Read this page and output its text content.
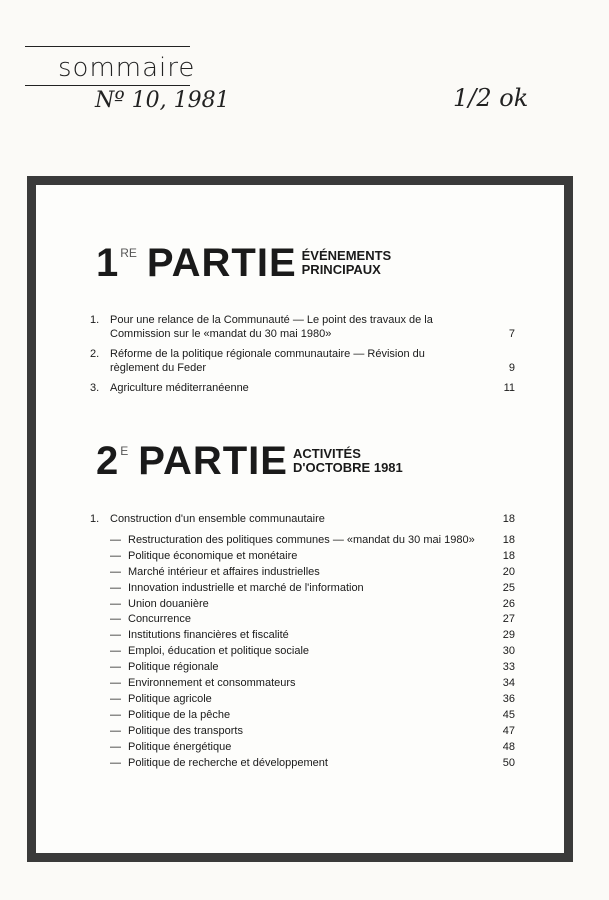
sommaire
Nº 10, 1981	1/2 ok
1 RE PARTIE ÉVÉNEMENTS
PRINCIPAUX
1. Pour une relance de la Communauté — Le point des travaux de la Commission sur le «mandat du 30 mai 1980»	7
2. Réforme de la politique régionale communautaire — Révision du règlement du Feder	9
3. Agriculture méditerranéenne	11
2 E PARTIE ACTIVITÉS
D'OCTOBRE 1981
1. Construction d'un ensemble communautaire	18
— Restructuration des politiques communes — «mandat du 30 mai 1980»	18
— Politique économique et monétaire	18
— Marché intérieur et affaires industrielles	20
— Innovation industrielle et marché de l'information	25
— Union douanière	26
— Concurrence	27
— Institutions financières et fiscalité	29
— Emploi, éducation et politique sociale	30
— Politique régionale	33
— Environnement et consommateurs	34
— Politique agricole	36
— Politique de la pêche	45
— Politique des transports	47
— Politique énergétique	48
— Politique de recherche et développement	50
